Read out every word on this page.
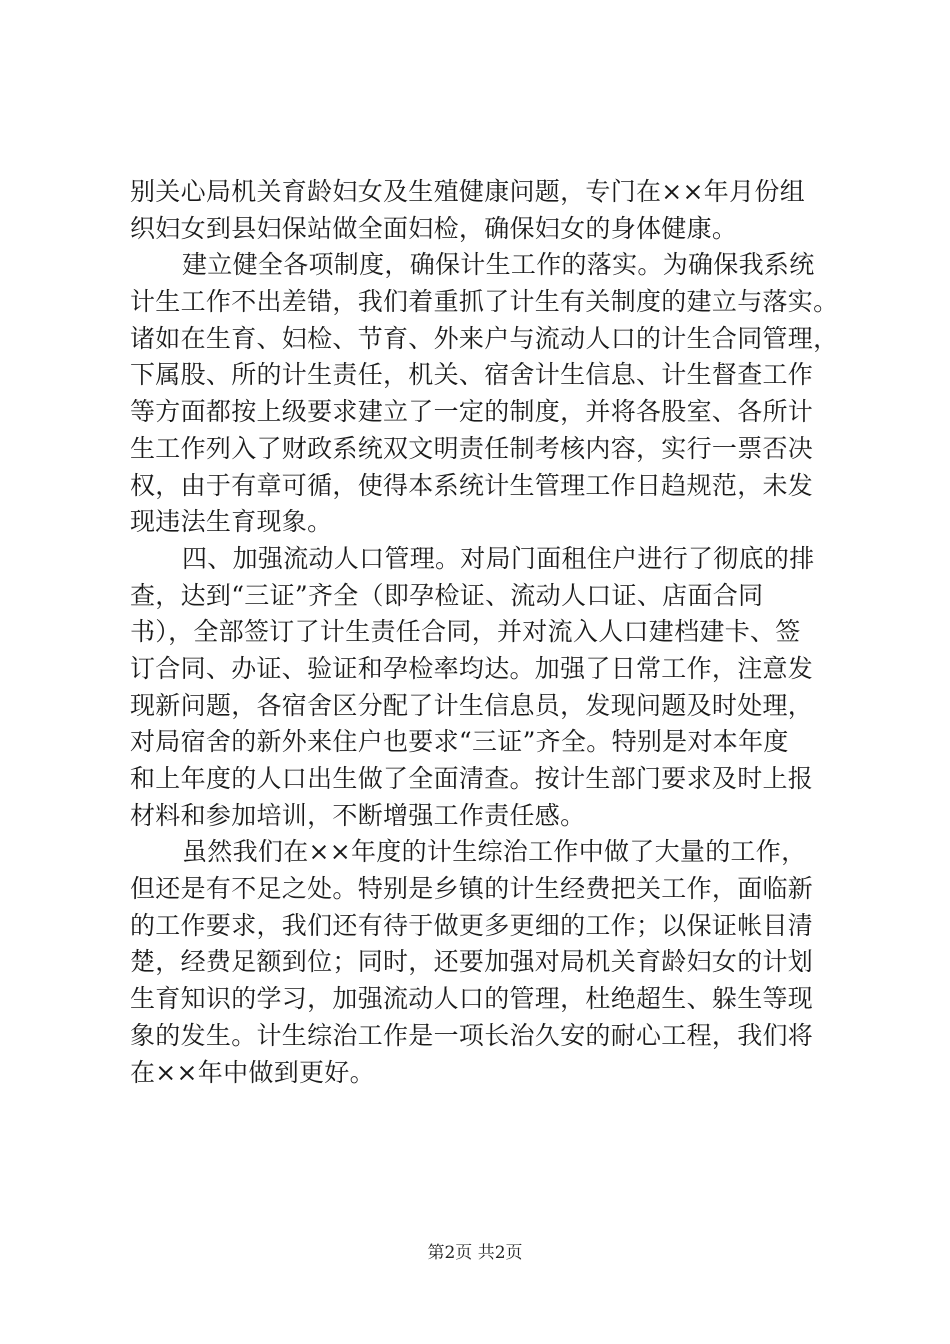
别关心局机关育龄妇女及生殖健康问题，专门在××年月份组
织妇女到县妇保站做全面妇检，确保妇女的身体健康。
建立健全各项制度，确保计生工作的落实。为确保我系统
计生工作不出差错，我们着重抓了计生有关制度的建立与落实。
诸如在生育、妇检、节育、外来户与流动人口的计生合同管理，
下属股、所的计生责任，机关、宿舍计生信息、计生督查工作
等方面都按上级要求建立了一定的制度，并将各股室、各所计
生工作列入了财政系统双文明责任制考核内容，实行一票否决
权，由于有章可循，使得本系统计生管理工作日趋规范，未发
现违法生育现象。
四、加强流动人口管理。对局门面租住户进行了彻底的排
查，达到“三证”齐全（即孕检证、流动人口证、店面合同
书），全部签订了计生责任合同，并对流入人口建档建卡、签
订合同、办证、验证和孕检率均达。加强了日常工作，注意发
现新问题，各宿舍区分配了计生信息员，发现问题及时处理，
对局宿舍的新外来住户也要求“三证”齐全。特别是对本年度
和上年度的人口出生做了全面清查。按计生部门要求及时上报
材料和参加培训，不断增强工作责任感。
虽然我们在××年度的计生综治工作中做了大量的工作，
但还是有不足之处。特别是乡镇的计生经费把关工作，面临新
的工作要求，我们还有待于做更多更细的工作；以保证帐目清
楚，经费足额到位；同时，还要加强对局机关育龄妇女的计划
生育知识的学习，加强流动人口的管理，杜绝超生、躲生等现
象的发生。计生综治工作是一项长治久安的耐心工程，我们将
在××年中做到更好。
第2页 共2页
